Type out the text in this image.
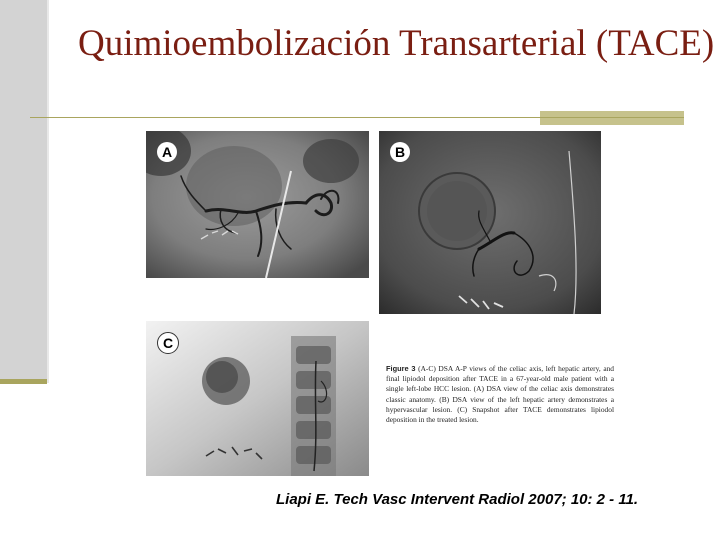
Quimioembolización Transarterial (TACE)
A	B
C
Figure 3 (A-C) DSA A-P views of the celiac axis, left hepatic artery, and final lipiodol deposition after TACE in a 67-year-old male patient with a single left-lobe HCC lesion. (A) DSA view of the celiac axis demonstrates classic anatomy. (B) DSA view of the left hepatic artery demonstrates a hypervascular lesion. (C) Snapshot after TACE demonstrates lipiodol deposition in the treated lesion.

Liapi E. Tech Vasc Intervent Radiol 2007; 10: 2 - 11.
